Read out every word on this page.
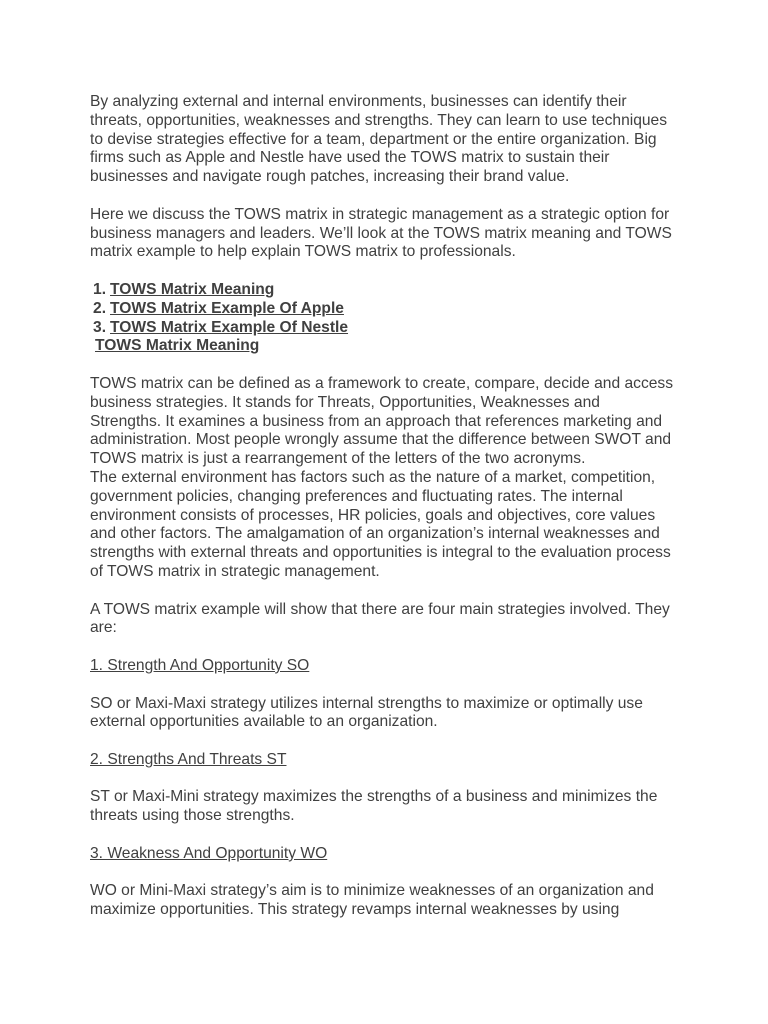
By analyzing external and internal environments, businesses can identify their
threats, opportunities, weaknesses and strengths. They can learn to use techniques
to devise strategies effective for a team, department or the entire organization. Big
firms such as Apple and Nestle have used the TOWS matrix to sustain their
businesses and navigate rough patches, increasing their brand value.

Here we discuss the TOWS matrix in strategic management as a strategic option for
business managers and leaders. We’ll look at the TOWS matrix meaning and TOWS
matrix example to help explain TOWS matrix to professionals.

TOWS Matrix Meaning
TOWS Matrix Example Of Apple
TOWS Matrix Example Of Nestle

TOWS Matrix Meaning

TOWS matrix can be defined as a framework to create, compare, decide and access
business strategies. It stands for Threats, Opportunities, Weaknesses and
Strengths. It examines a business from an approach that references marketing and
administration. Most people wrongly assume that the difference between SWOT and
TOWS matrix is just a rearrangement of the letters of the two acronyms.

The external environment has factors such as the nature of a market, competition,
government policies, changing preferences and fluctuating rates. The internal
environment consists of processes, HR policies, goals and objectives, core values
and other factors. The amalgamation of an organization’s internal weaknesses and
strengths with external threats and opportunities is integral to the evaluation process
of TOWS matrix in strategic management.

A TOWS matrix example will show that there are four main strategies involved. They
are:

1. Strength And Opportunity SO

SO or Maxi-Maxi strategy utilizes internal strengths to maximize or optimally use
external opportunities available to an organization.

2. Strengths And Threats ST

ST or Maxi-Mini strategy maximizes the strengths of a business and minimizes the
threats using those strengths.

3. Weakness And Opportunity WO

WO or Mini-Maxi strategy’s aim is to minimize weaknesses of an organization and
maximize opportunities. This strategy revamps internal weaknesses by using
